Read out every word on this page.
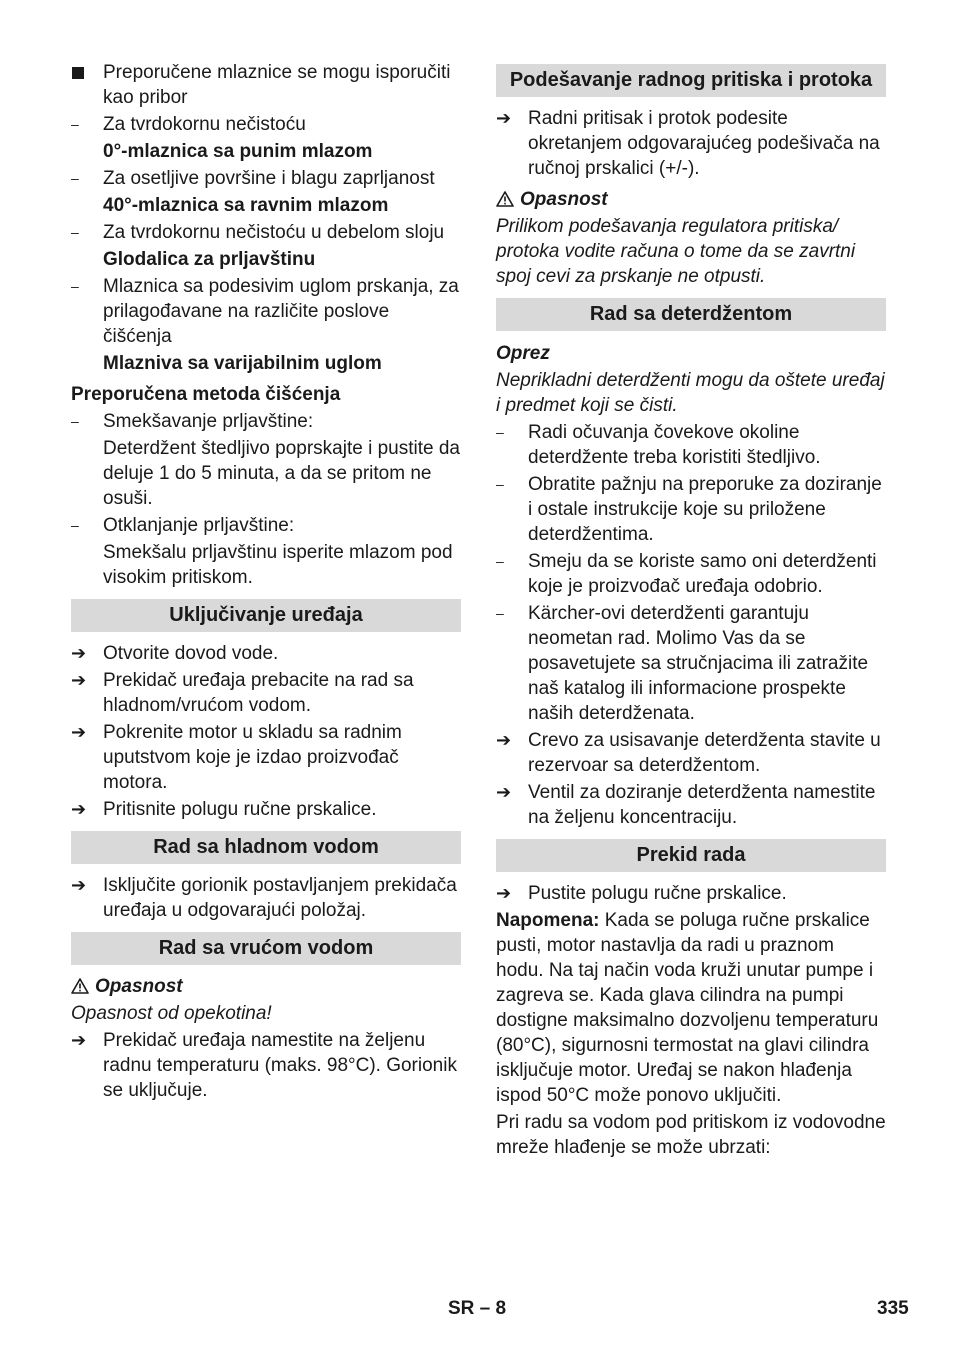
Preporučene mlaznice se mogu isporučiti kao pribor
– Za tvrdokornu nečistoću
0°-mlaznica sa punim mlazom
– Za osetljive površine i blagu zaprljanost
40°-mlaznica sa ravnim mlazom
– Za tvrdokornu nečistoću u debelom sloju
Glodalica za prljavštinu
– Mlaznica sa podesivim uglom prskanja, za prilagođavane na različite poslove čišćenja
Mlazniva sa varijabilnim uglom
Preporučena metoda čišćenja
– Smekšavanje prljavštine:
Deterdžent štedljivo poprskajte i pustite da deluje 1 do 5 minuta, a da se pritom ne osuši.
– Otklanjanje prljavštine:
Smekšalu prljavštinu isperite mlazom pod visokim pritiskom.
Uključivanje uređaja
➔ Otvorite dovod vode.
➔ Prekidač uređaja prebacite na rad sa hladnom/vrućom vodom.
➔ Pokrenite motor u skladu sa radnim uputstvom koje je izdao proizvođač motora.
➔ Pritisnite polugu ručne prskalice.
Rad sa hladnom vodom
➔ Isključite gorionik postavljanjem prekidača uređaja u odgovarajući položaj.
Rad sa vrućom vodom
Opasnost
Opasnost od opekotina!
➔ Prekidač uređaja namestite na željenu radnu temperaturu (maks. 98°C). Gorionik se uključuje.
Podešavanje radnog pritiska i protoka
➔ Radni pritisak i protok podesite okretanjem odgovarajućeg podešivača na ručnoj prskalici (+/-).
Opasnost
Prilikom podešavanja regulatora pritiska/ protoka vodite računa o tome da se zavrtni spoj cevi za prskanje ne otpusti.
Rad sa deterdžentom
Oprez
Neprikladni deterdženti mogu da oštete uređaj i predmet koji se čisti.
– Radi očuvanja čovekove okoline deterdžente treba koristiti štedljivo.
– Obratite pažnju na preporuke za doziranje i ostale instrukcije koje su priložene deterdžentima.
– Smeju da se koriste samo oni deterdženti koje je proizvođač uređaja odobrio.
– Kärcher-ovi deterdženti garantuju neometan rad. Molimo Vas da se posavetujete sa stručnjacima ili zatražite naš katalog ili informacione prospekte naših deterdženata.
➔ Crevo za usisavanje deterdženta stavite u rezervoar sa deterdžentom.
➔ Ventil za doziranje deterdženta namestite na željenu koncentraciju.
Prekid rada
➔ Pustite polugu ručne prskalice.
Napomena: Kada se poluga ručne prskalice pusti, motor nastavlja da radi u praznom hodu. Na taj način voda kruži unutar pumpe i zagreva se. Kada glava cilindra na pumpi dostigne maksimalno dozvoljenu temperaturu (80°C), sigurnosni termostat na glavi cilindra isključuje motor. Uređaj se nakon hlađenja ispod 50°C može ponovo uključiti.
Pri radu sa vodom pod pritiskom iz vodovodne mreže hlađenje se može ubrzati:
SR – 8	335
